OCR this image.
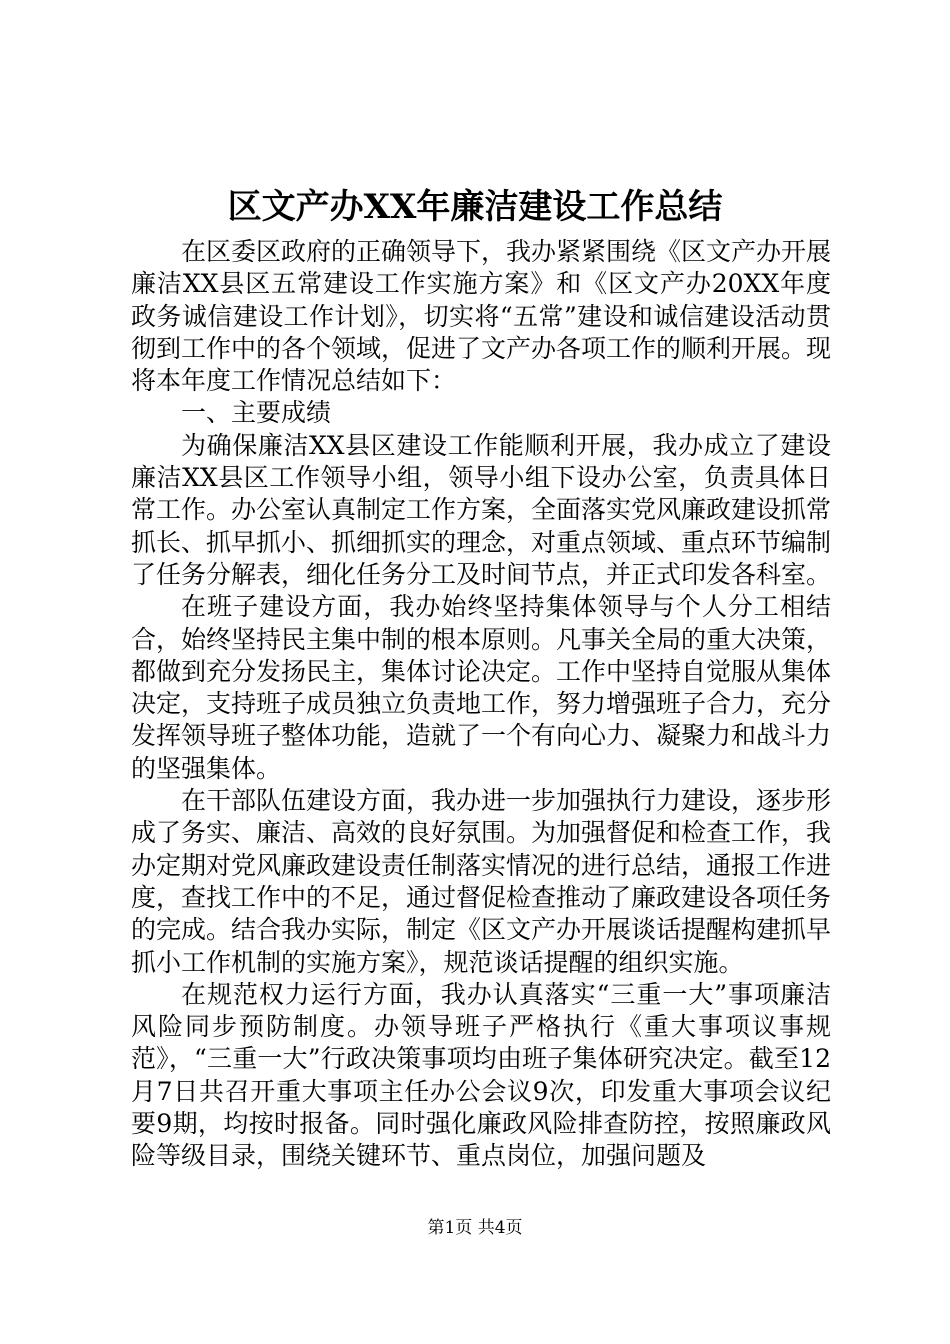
区文产办XX年廉洁建设工作总结

在区委区政府的正确领导下，我办紧紧围绕《区文产办开展廉洁XX县区五常建设工作实施方案》和《区文产办20XX年度政务诚信建设工作计划》，切实将“五常”建设和诚信建设活动贯彻到工作中的各个领域，促进了文产办各项工作的顺利开展。现将本年度工作情况总结如下：

一、主要成绩

为确保廉洁XX县区建设工作能顺利开展，我办成立了建设廉洁XX县区工作领导小组，领导小组下设办公室，负责具体日常工作。办公室认真制定工作方案，全面落实党风廉政建设抓常抓长、抓早抓小、抓细抓实的理念，对重点领域、重点环节编制了任务分解表，细化任务分工及时间节点，并正式印发各科室。

在班子建设方面，我办始终坚持集体领导与个人分工相结合，始终坚持民主集中制的根本原则。凡事关全局的重大决策，都做到充分发扬民主，集体讨论决定。工作中坚持自觉服从集体决定，支持班子成员独立负责地工作，努力增强班子合力，充分发挥领导班子整体功能，造就了一个有向心力、凝聚力和战斗力的坚强集体。

在干部队伍建设方面，我办进一步加强执行力建设，逐步形成了务实、廉洁、高效的良好氛围。为加强督促和检查工作，我办定期对党风廉政建设责任制落实情况的进行总结，通报工作进度，查找工作中的不足，通过督促检查推动了廉政建设各项任务的完成。结合我办实际，制定《区文产办开展谈话提醒构建抓早抓小工作机制的实施方案》，规范谈话提醒的组织实施。

在规范权力运行方面，我办认真落实“三重一大”事项廉洁风险同步预防制度。办领导班子严格执行《重大事项议事规范》，“三重一大”行政决策事项均由班子集体研究决定。截至12月7日共召开重大事项主任办公会议9次，印发重大事项会议纪要9期，均按时报备。同时强化廉政风险排查防控，按照廉政风险等级目录，围绕关键环节、重点岗位，加强问题及

第1页 共4页
